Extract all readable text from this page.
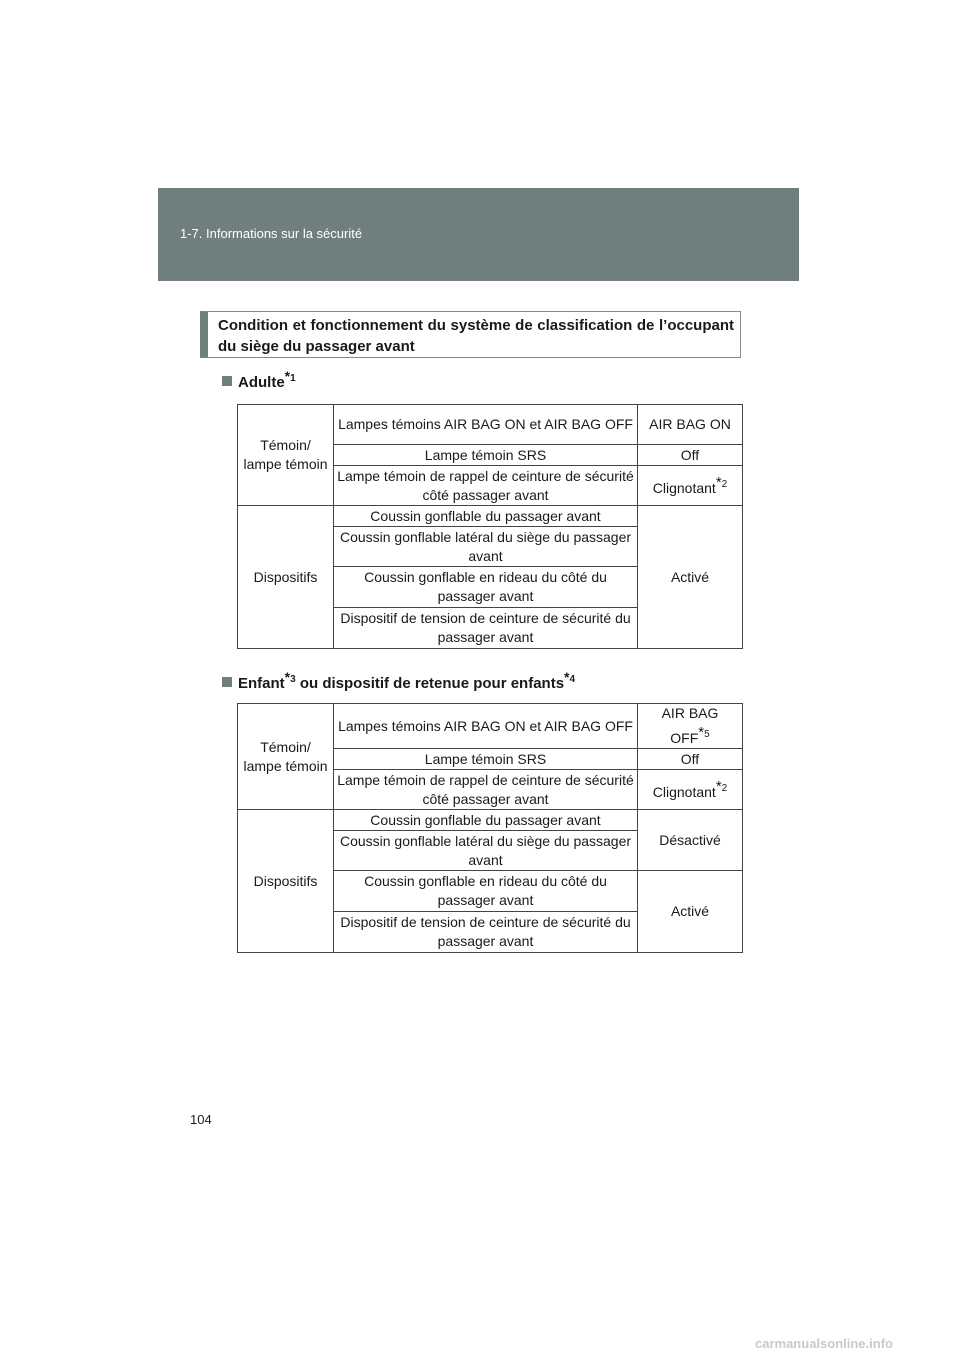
1-7. Informations sur la sécurité
Condition et fonctionnement du système de classification de l’occupant du siège du passager avant
Adulte$^{*1}$
Témoin/ lampe témoin	Lampes témoins AIR BAG ON et AIR BAG OFF	AIR BAG ON
	Lampe témoin SRS	Off
	Lampe témoin de rappel de ceinture de sécurité côté passager avant	Clignotant$^{*2}$
Dispositifs	Coussin gonflable du passager avant	Activé
	Coussin gonflable latéral du siège du passager avant	
	Coussin gonflable en rideau du côté du passager avant	
	Dispositif de tension de ceinture de sécurité du passager avant	
Enfant$^{*3}$ ou dispositif de retenue pour enfants$^{*4}$
Témoin/ lampe témoin	Lampes témoins AIR BAG ON et AIR BAG OFF	AIR BAG OFF$^{*5}$
	Lampe témoin SRS	Off
	Lampe témoin de rappel de ceinture de sécurité côté passager avant	Clignotant$^{*2}$
Dispositifs	Coussin gonflable du passager avant	Désactivé
	Coussin gonflable latéral du siège du passager avant	
	Coussin gonflable en rideau du côté du passager avant	Activé
	Dispositif de tension de ceinture de sécurité du passager avant	
104
carmanualsonline.info
